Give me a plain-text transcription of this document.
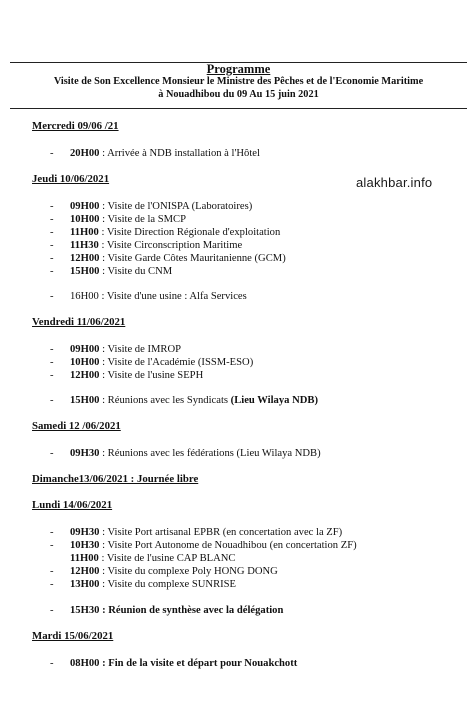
Programme
Visite de Son Excellence Monsieur le Ministre des Pêches et de l'Economie Maritime
à Nouadhibou du 09 Au 15 juin 2021
alakhbar.info
Mercredi 09/06 /21
- 20H00 : Arrivée à NDB installation à l'Hôtel
Jeudi 10/06/2021
- 09H00 : Visite de l'ONISPA (Laboratoires)
- 10H00 : Visite de la SMCP
- 11H00 : Visite Direction Régionale d'exploitation
- 11H30 : Visite Circonscription Maritime
- 12H00 : Visite Garde Côtes Mauritanienne (GCM)
- 15H00 : Visite du CNM
- 16H00 : Visite d'une usine : Alfa Services
Vendredi 11/06/2021
- 09H00 : Visite de IMROP
- 10H00 : Visite de l'Académie (ISSM-ESO)
- 12H00 : Visite de l'usine SEPH
- 15H00 : Réunions avec les Syndicats (Lieu Wilaya NDB)
Samedi 12 /06/2021
- 09H30 : Réunions avec les fédérations (Lieu Wilaya NDB)
Dimanche13/06/2021 : Journée libre
Lundi 14/06/2021
- 09H30 : Visite Port artisanal EPBR (en concertation avec la ZF)
- 10H30 : Visite Port Autonome de Nouadhibou (en concertation ZF)
11H00 : Visite de l'usine CAP BLANC
- 12H00 : Visite du complexe Poly HONG DONG
- 13H00 : Visite du complexe SUNRISE
- 15H30 : Réunion de synthèse avec la délégation
Mardi 15/06/2021
- 08H00 : Fin de la visite et départ pour Nouakchott
